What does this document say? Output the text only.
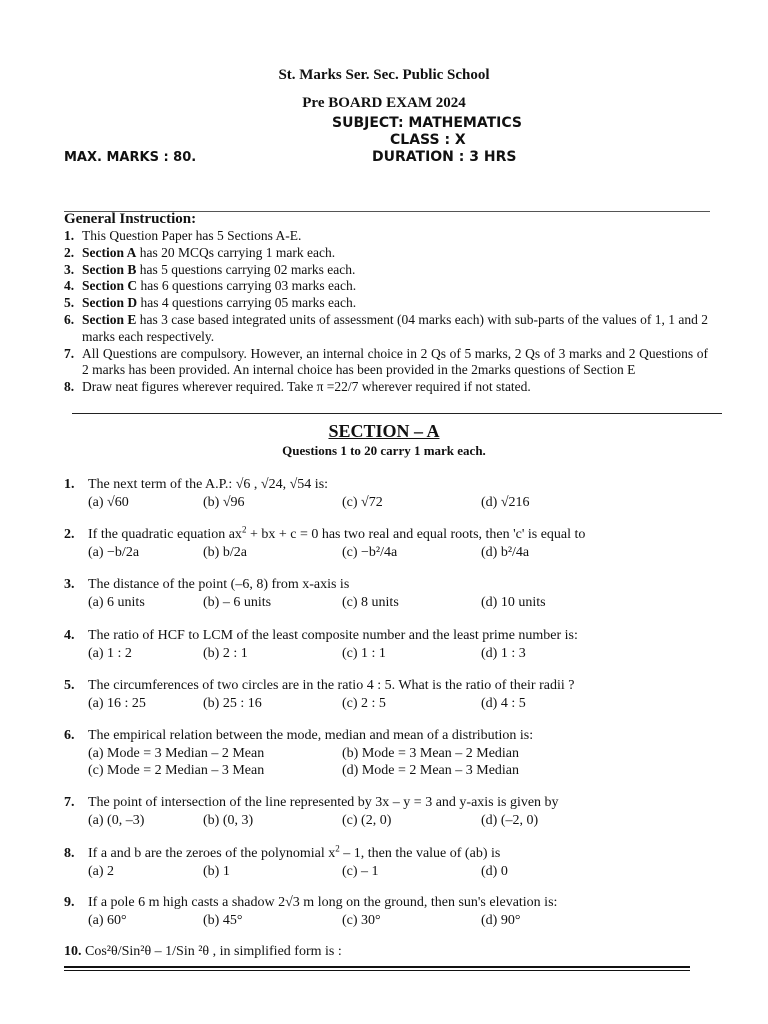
St. Marks Ser. Sec. Public School
Pre BOARD EXAM 2024
SUBJECT: MATHEMATICS
CLASS : X
MAX. MARKS : 80.	DURATION : 3 HRS
General Instruction:
1. This Question Paper has 5 Sections A-E.
2. Section A has 20 MCQs carrying 1 mark each.
3. Section B has 5 questions carrying 02 marks each.
4. Section C has 6 questions carrying 03 marks each.
5. Section D has 4 questions carrying 05 marks each.
6. Section E has 3 case based integrated units of assessment (04 marks each) with sub-parts of the values of 1, 1 and 2 marks each respectively.
7. All Questions are compulsory. However, an internal choice in 2 Qs of 5 marks, 2 Qs of 3 marks and 2 Questions of 2 marks has been provided. An internal choice has been provided in the 2marks questions of Section E
8. Draw neat figures wherever required. Take π =22/7 wherever required if not stated.
SECTION – A
Questions 1 to 20 carry 1 mark each.
1. The next term of the A.P.: √6 , √24, √54 is:
(a) √60	(b) √96	(c) √72	(d) √216
2. If the quadratic equation $ax^2$ + bx + c = 0 has two real and equal roots, then 'c' is equal to
(a) −b/2a	(b) b/2a	(c) −b²/4a	(d) b²/4a
3. The distance of the point (–6, 8) from x-axis is
(a) 6 units	(b) – 6 units	(c) 8 units	(d) 10 units
4. The ratio of HCF to LCM of the least composite number and the least prime number is:
(a) 1 : 2	(b) 2 : 1	(c) 1 : 1	(d) 1 : 3
5. The circumferences of two circles are in the ratio 4 : 5. What is the ratio of their radii ?
(a) 16 : 25	(b) 25 : 16	(c) 2 : 5	(d) 4 : 5
6. The empirical relation between the mode, median and mean of a distribution is:
(a) Mode = 3 Median – 2 Mean	(b) Mode = 3 Mean – 2 Median
(c) Mode = 2 Median – 3 Mean	(d) Mode = 2 Mean – 3 Median
7. The point of intersection of the line represented by 3x – y = 3 and y-axis is given by
(a) (0, –3)	(b) (0, 3)	(c) (2, 0)	(d) (–2, 0)
8. If a and b are the zeroes of the polynomial $x^2 - 1$, then the value of (ab) is
(a) 2	(b) 1	(c) – 1	(d) 0
9. If a pole 6 m high casts a shadow 2√3 m long on the ground, then sun's elevation is:
(a) 60°	(b) 45°	(c) 30°	(d) 90°
10. Cos²θ/Sin²θ – 1/Sin ²θ , in simplified form is :
